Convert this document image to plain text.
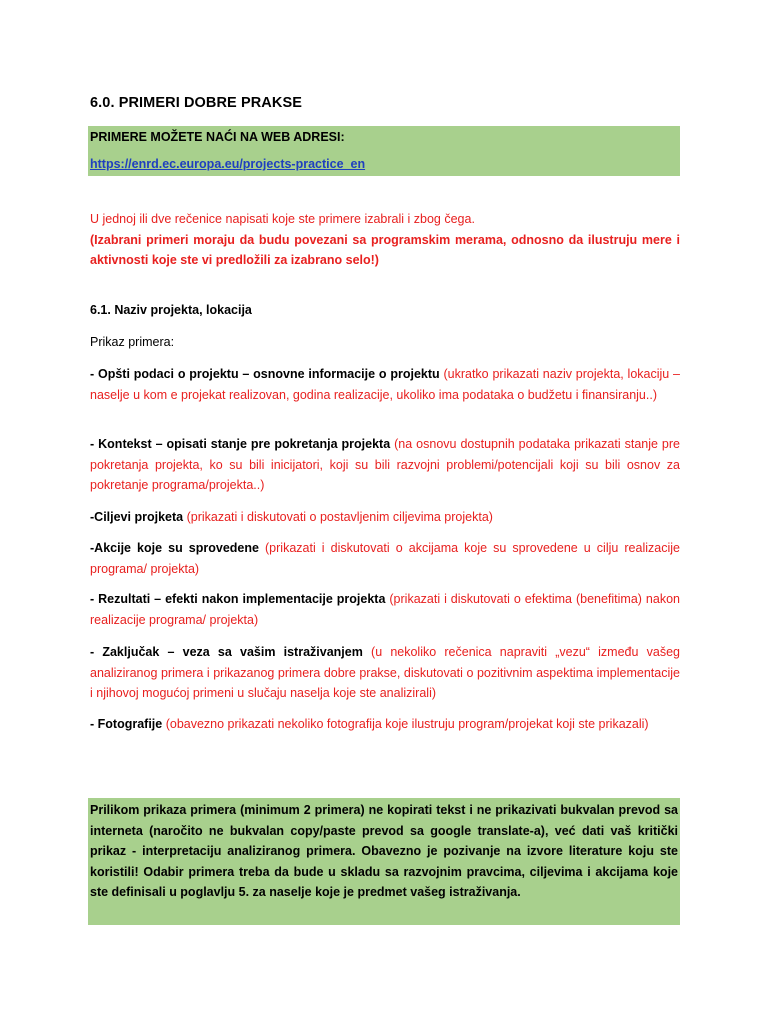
6.0. PRIMERI DOBRE PRAKSE
PRIMERE MOŽETE NAĆI NA WEB ADRESI:
https://enrd.ec.europa.eu/projects-practice_en
U jednoj ili dve rečenice napisati koje ste primere izabrali i zbog čega.
(Izabrani primeri moraju da budu povezani sa programskim merama, odnosno da ilustruju mere i aktivnosti koje ste vi predložili za izabrano selo!)
6.1. Naziv projekta, lokacija
Prikaz primera:
- Opšti podaci o projektu – osnovne informacije o projektu (ukratko prikazati naziv projekta, lokaciju – naselje u kom e projekat realizovan, godina realizacije, ukoliko ima podataka o budžetu i finansiranju..)
- Kontekst – opisati stanje pre pokretanja projekta (na osnovu dostupnih podataka prikazati stanje pre pokretanja projekta, ko su bili inicijatori, koji su bili razvojni problemi/potencijali koji su bili osnov za pokretanje programa/projekta..)
-Ciljevi projketa (prikazati i diskutovati o postavljenim ciljevima projekta)
-Akcije koje su sprovedene (prikazati i diskutovati o akcijama koje su sprovedene u cilju realizacije programa/ projekta)
- Rezultati – efekti nakon implementacije projekta (prikazati i diskutovati o efektima (benefitima) nakon realizacije programa/ projekta)
- Zaključak – veza sa vašim istraživanjem (u nekoliko rečenica napraviti „vezu“ između vašeg analiziranog primera i prikazanog primera dobre prakse, diskutovati o pozitivnim aspektima implementacije i njihovoj mogućoj primeni u slučaju naselja koje ste analizirali)
- Fotografije (obavezno prikazati nekoliko fotografija koje ilustruju program/projekat koji ste prikazali)
Prilikom prikaza primera (minimum 2 primera) ne kopirati tekst i ne prikazivati bukvalan prevod sa interneta (naročito ne bukvalan copy/paste prevod sa google translate-a), već dati vaš kritički prikaz - interpretaciju analiziranog primera. Obavezno je pozivanje na izvore literature koju ste koristili! Odabir primera treba da bude u skladu sa razvojnim pravcima, ciljevima i akcijama koje ste definisali u poglavlju 5. za naselje koje je predmet vašeg istraživanja.
